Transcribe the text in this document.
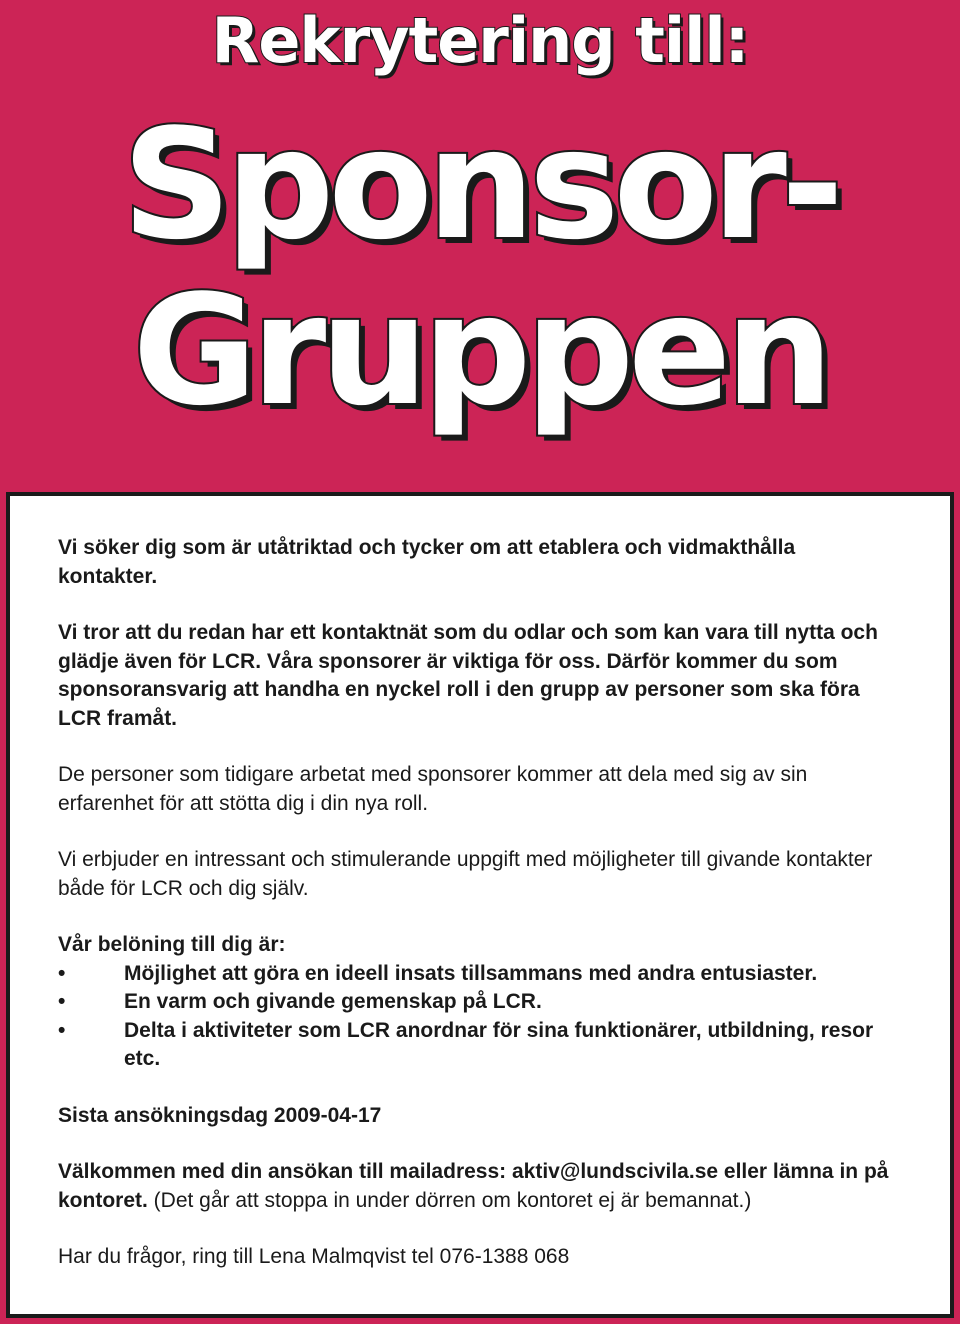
Rekrytering till:
Sponsor-
Gruppen

Vi söker dig som är utåtriktad och tycker om att etablera och vidmakthålla kontakter.

Vi tror att du redan har ett kontaktnät som du odlar och som kan vara till nytta och glädje även för LCR. Våra sponsorer är viktiga för oss. Därför kommer du som sponsoransvarig att handha en nyckel roll i den grupp av personer som ska föra LCR framåt.

De personer som tidigare arbetat med sponsorer kommer att dela med sig av sin erfarenhet för att stötta dig i din nya roll.

Vi erbjuder en intressant och stimulerande uppgift med möjligheter till givande kontakter både för LCR och dig själv.

Vår belöning till dig är:
•	Möjlighet att göra en ideell insats tillsammans med andra entusiaster.
•	En varm och givande gemenskap på LCR.
•	Delta i aktiviteter som LCR anordnar för sina funktionärer, utbildning, resor etc.

Sista ansökningsdag 2009-04-17

Välkommen med din ansökan till mailadress: aktiv@lundscivila.se eller lämna in på kontoret. (Det går att stoppa in under dörren om kontoret ej är bemannat.)

Har du frågor, ring till Lena Malmqvist tel 076-1388 068
